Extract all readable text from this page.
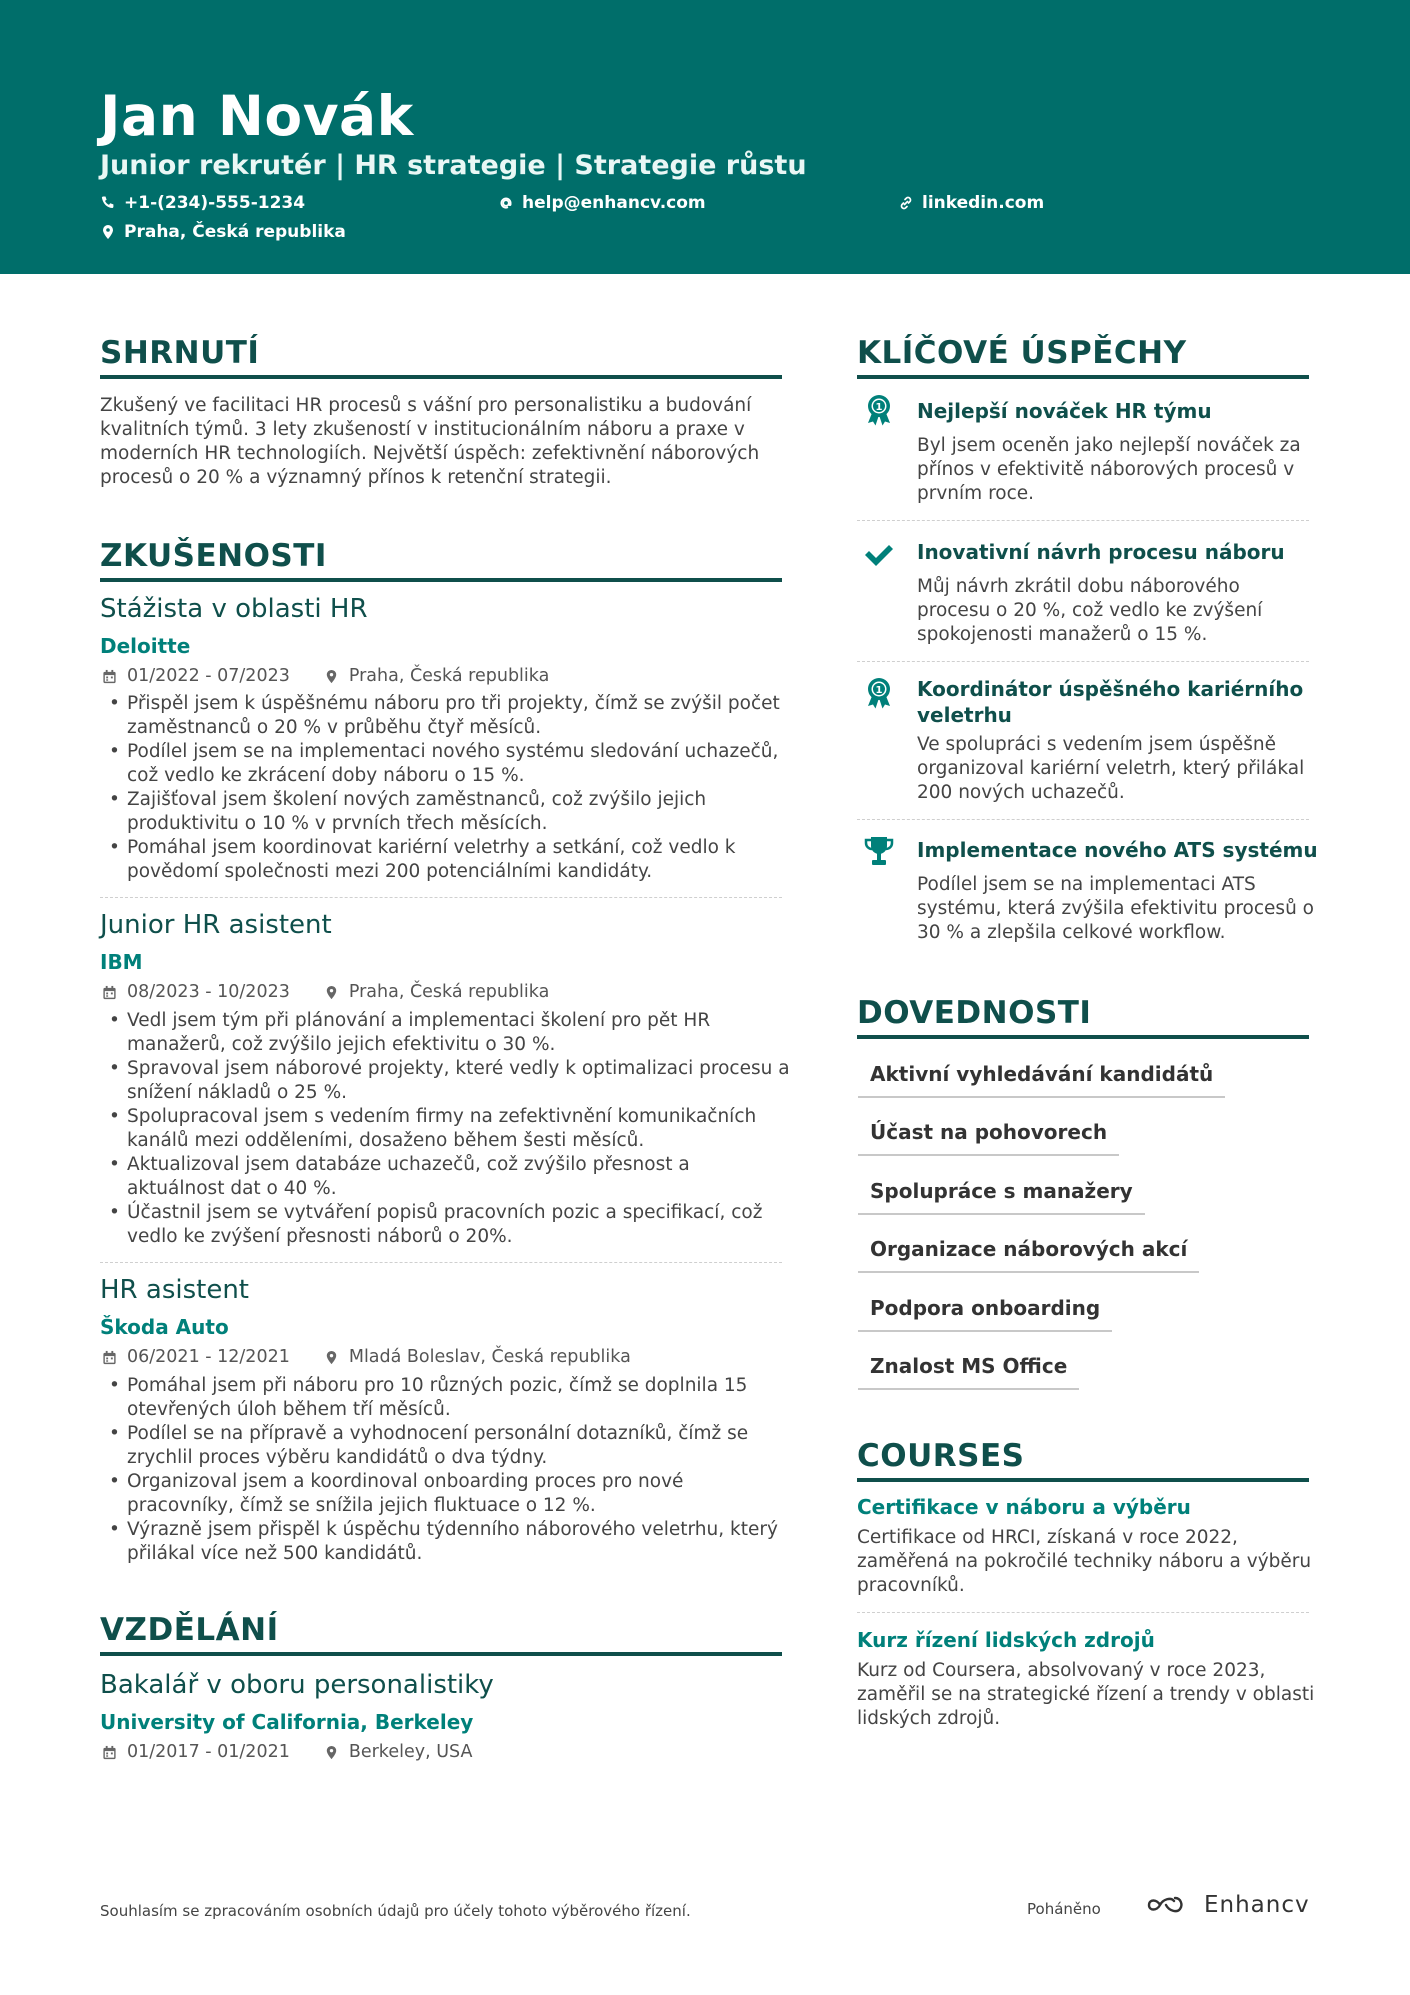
Jan Novák
Junior rekrutér | HR strategie | Strategie růstu
+1-(234)-555-1234	help@enhancv.com	linkedin.com
Praha, Česká republika
SHRNUTÍ
Zkušený ve facilitaci HR procesů s vášní pro personalistiku a budování
kvalitních týmů. 3 lety zkušeností v institucionálním náboru a praxe v
moderních HR technologiích. Největší úspěch: zefektivnění náborových
procesů o 20 % a významný přínos k retenční strategii.
ZKUŠENOSTI
Stážista v oblasti HR
Deloitte
01/2022 - 07/2023	Praha, Česká republika
• Přispěl jsem k úspěšnému náboru pro tři projekty, čímž se zvýšil počet
zaměstnanců o 20 % v průběhu čtyř měsíců.
• Podílel jsem se na implementaci nového systému sledování uchazečů,
což vedlo ke zkrácení doby náboru o 15 %.
• Zajišťoval jsem školení nových zaměstnanců, což zvýšilo jejich
produktivitu o 10 % v prvních třech měsících.
• Pomáhal jsem koordinovat kariérní veletrhy a setkání, což vedlo k
povědomí společnosti mezi 200 potenciálními kandidáty.
Junior HR asistent
IBM
08/2023 - 10/2023	Praha, Česká republika
• Vedl jsem tým při plánování a implementaci školení pro pět HR
manažerů, což zvýšilo jejich efektivitu o 30 %.
• Spravoval jsem náborové projekty, které vedly k optimalizaci procesu a
snížení nákladů o 25 %.
• Spolupracoval jsem s vedením firmy na zefektivnění komunikačních
kanálů mezi odděleními, dosaženo během šesti měsíců.
• Aktualizoval jsem databáze uchazečů, což zvýšilo přesnost a
aktuálnost dat o 40 %.
• Účastnil jsem se vytváření popisů pracovních pozic a specifikací, což
vedlo ke zvýšení přesnosti náborů o 20%.
HR asistent
Škoda Auto
06/2021 - 12/2021	Mladá Boleslav, Česká republika
• Pomáhal jsem při náboru pro 10 různých pozic, čímž se doplnila 15
otevřených úloh během tří měsíců.
• Podílel se na přípravě a vyhodnocení personální dotazníků, čímž se
zrychlil proces výběru kandidátů o dva týdny.
• Organizoval jsem a koordinoval onboarding proces pro nové
pracovníky, čímž se snížila jejich fluktuace o 12 %.
• Výrazně jsem přispěl k úspěchu týdenního náborového veletrhu, který
přilákal více než 500 kandidátů.
VZDĚLÁNÍ
Bakalář v oboru personalistiky
University of California, Berkeley
01/2017 - 01/2021	Berkeley, USA
KLÍČOVÉ ÚSPĚCHY
1 Nejlepší nováček HR týmu
Byl jsem oceněn jako nejlepší nováček za
přínos v efektivitě náborových procesů v
prvním roce.
Inovativní návrh procesu náboru
Můj návrh zkrátil dobu náborového
procesu o 20 %, což vedlo ke zvýšení
spokojenosti manažerů o 15 %.
1 Koordinátor úspěšného kariérního
veletrhu
Ve spolupráci s vedením jsem úspěšně
organizoval kariérní veletrh, který přilákal
200 nových uchazečů.
Implementace nového ATS systému
Podílel jsem se na implementaci ATS
systému, která zvýšila efektivitu procesů o
30 % a zlepšila celkové workflow.
DOVEDNOSTI
Aktivní vyhledávání kandidátů
Účast na pohovorech
Spolupráce s manažery
Organizace náborových akcí
Podpora onboarding
Znalost MS Office
COURSES
Certifikace v náboru a výběru
Certifikace od HRCI, získaná v roce 2022,
zaměřená na pokročilé techniky náboru a výběru
pracovníků.
Kurz řízení lidských zdrojů
Kurz od Coursera, absolvovaný v roce 2023,
zaměřil se na strategické řízení a trendy v oblasti
lidských zdrojů.
Souhlasím se zpracováním osobních údajů pro účely tohoto výběrového řízení.	Poháněno	Enhancv
